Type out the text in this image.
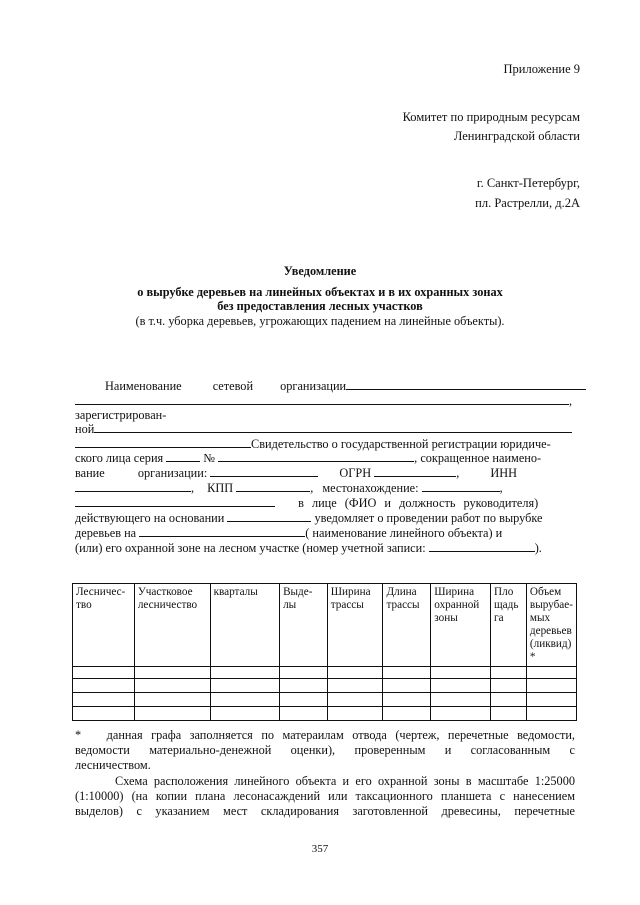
Приложение 9
Комитет по природным ресурсам
Ленинградской области
г. Санкт-Петербург,
пл. Растрелли, д.2А
Уведомление
о вырубке деревьев на линейных объектах и в их охранных зонах
без предоставления лесных участков
(в т.ч. уборка деревьев, угрожающих падением на линейные объекты).
Наименование	сетевой организации
,
зарегистрирован-
ной
Свидетельство о государственной регистрации юридиче-
ского лица серия	№	, сокращенное наимено-
вание	организации:	ОГРН	,	ИНН
, КПП	, местонахождение:	,
в лице (ФИО и должность руководителя)
действующего на основании	уведомляет о проведении работ по вырубке
деревьев на	( наименование линейного объекта) и
(или) его охранной зоне на лесном участке (номер учетной записи:	).
Лесничес-тво	Участковое лесничество	кварталы	Выде-лы	Ширина трассы	Длина трассы	Ширина охранной зоны	Пло щадь га	Объем вырубае-мых деревьев (ликвид) *

* данная графа заполняется по матераилам отвода (чертеж, перечетные ведомости,
ведомости материально-денежной оценки), проверенным и согласованным с
лесничеством.
Схема расположения линейного объекта и его охранной зоны в масштабе 1:25000
(1:10000) (на копии плана лесонасаждений или таксационного планшета с нанесением
выделов) с указанием мест складирования заготовленной древесины, перечетные
357
